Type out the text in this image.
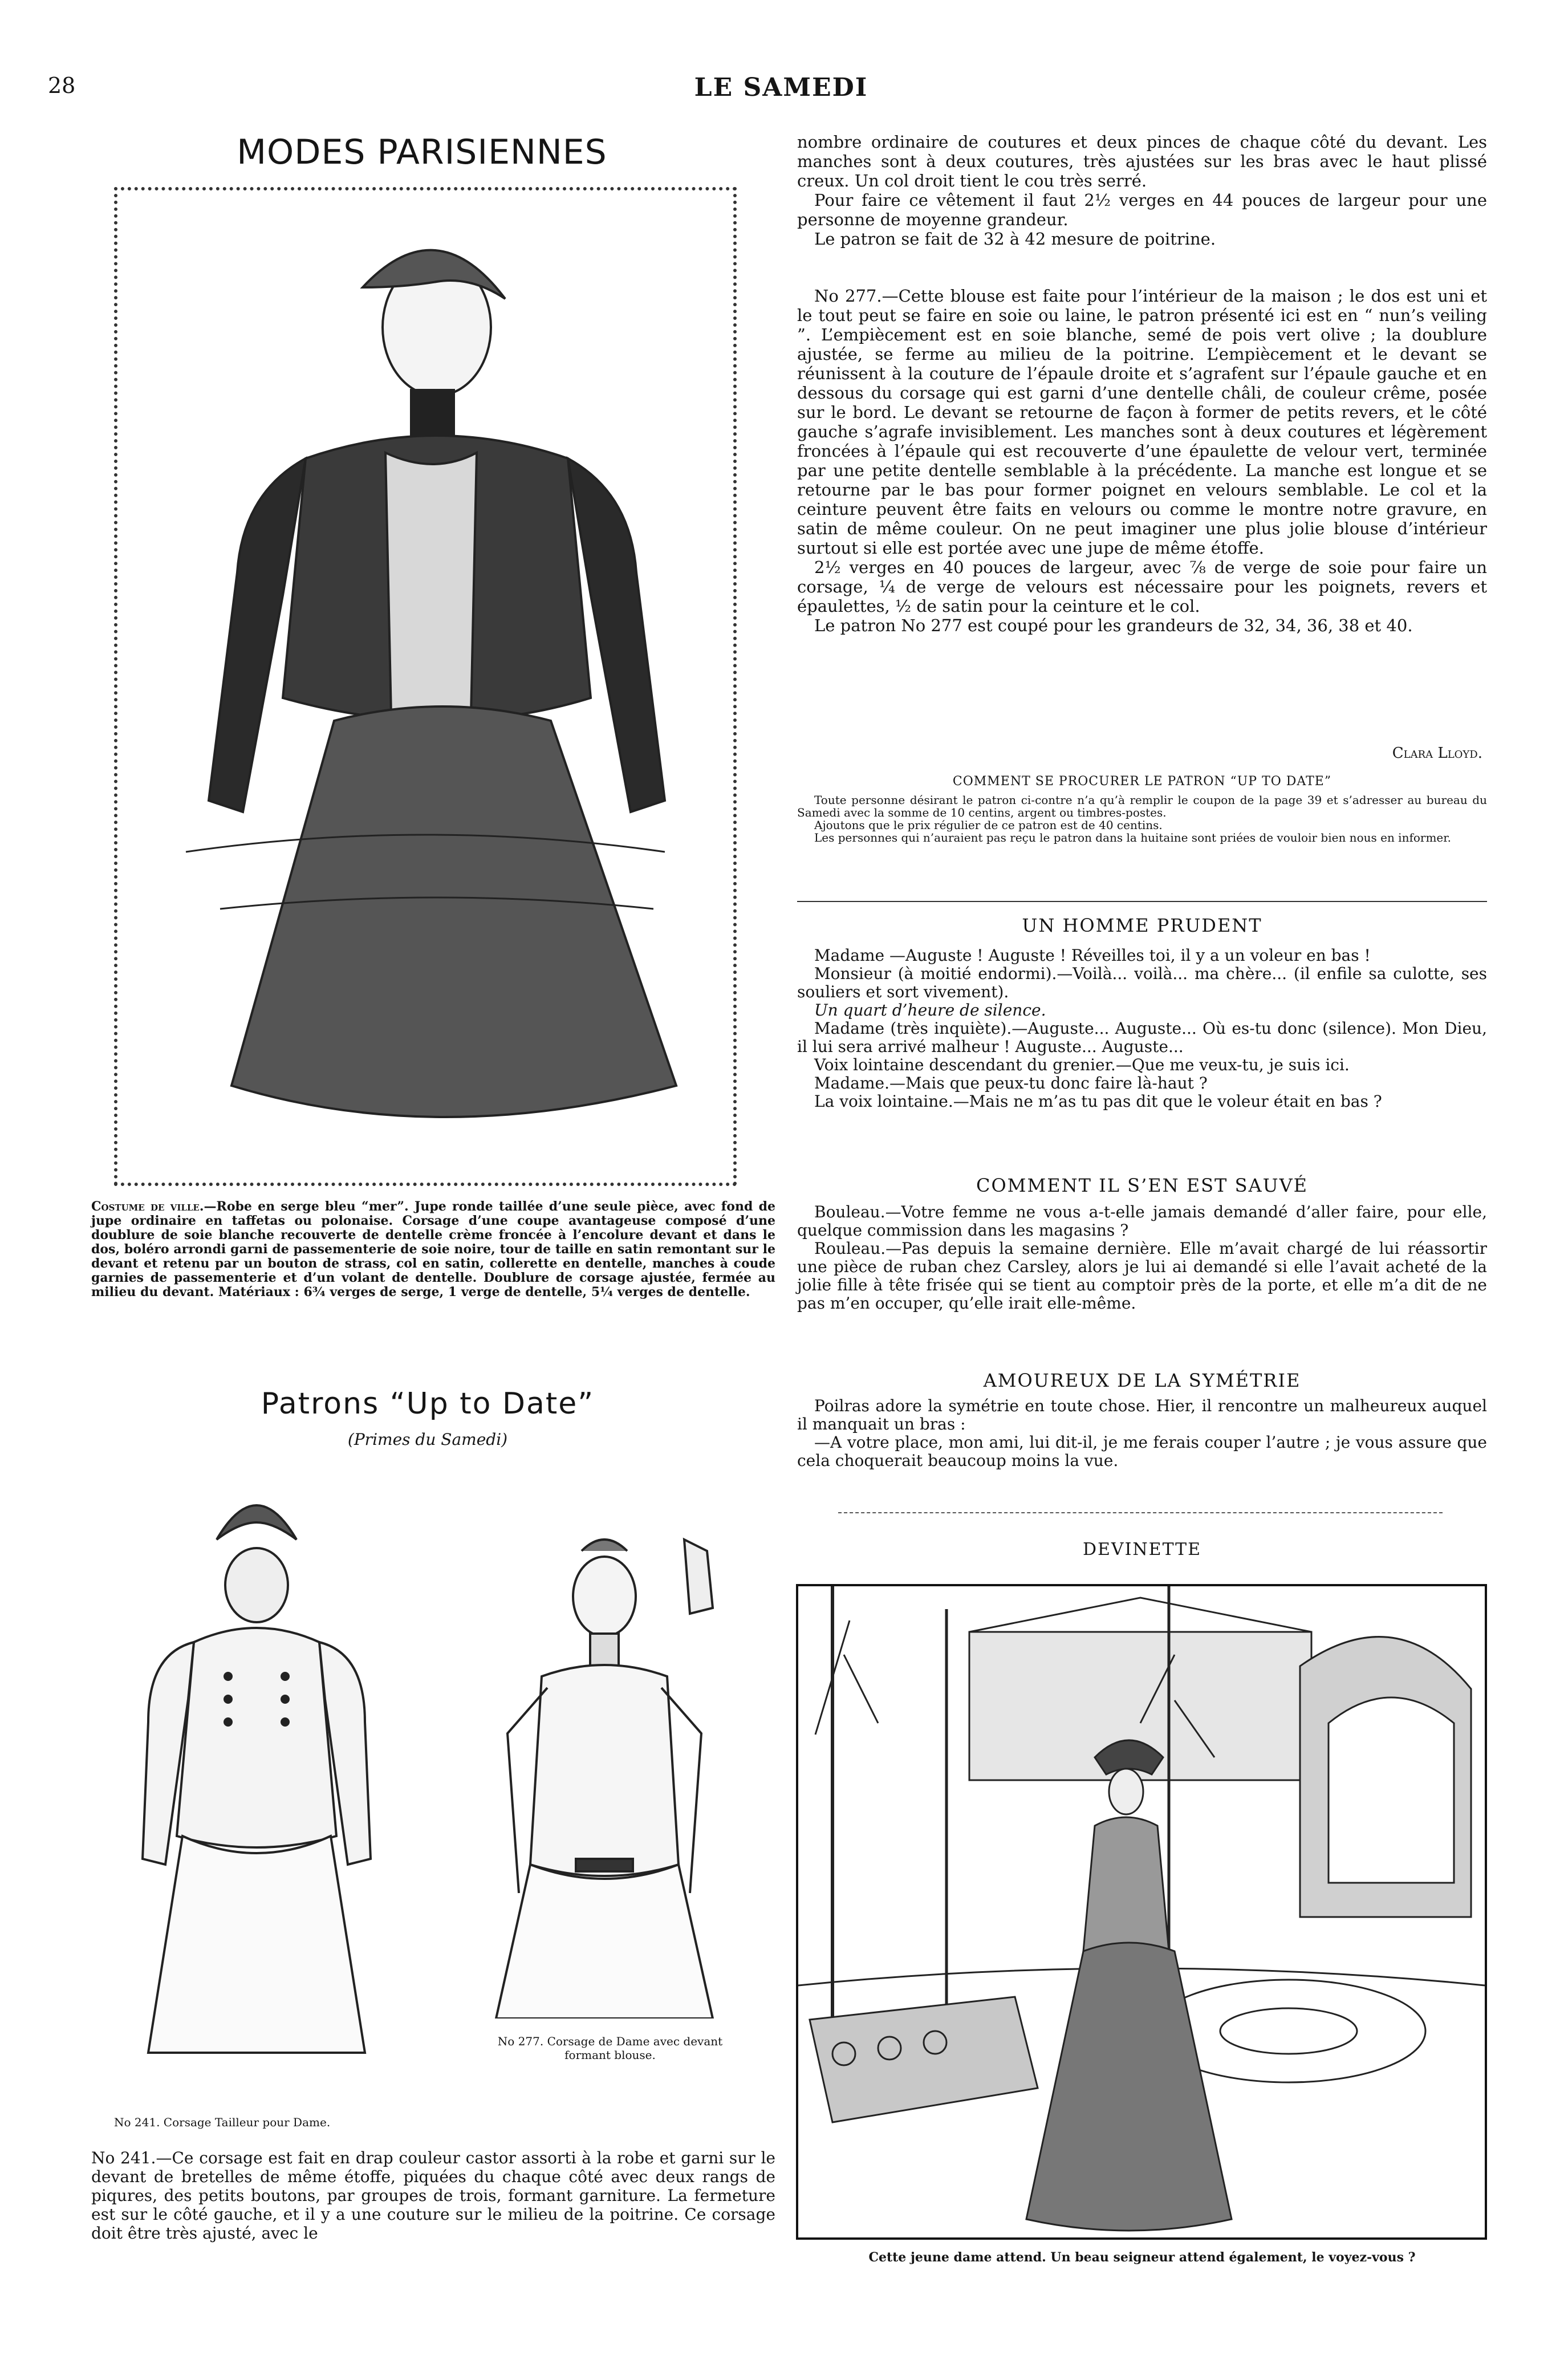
28	LE SAMEDI
MODES PARISIENNES
Costume de ville.—Robe en serge bleu “mer”. Jupe ronde taillée d’une seule pièce, avec fond de jupe ordinaire en taffetas ou polonaise. Corsage d’une coupe avantageuse composé d’une doublure de soie blanche recouverte de dentelle crème froncée à l’encolure devant et dans le dos, boléro arrondi garni de passementerie de soie noire, tour de taille en satin remontant sur le devant et retenu par un bouton de strass, col en satin, collerette en dentelle, manches à coude garnies de passementerie et d’un volant de dentelle. Doublure de corsage ajustée, fermée au milieu du devant. Matériaux : 6¾ verges de serge, 1 verge de dentelle, 5¼ verges de dentelle.
Patrons “Up to Date”
(Primes du Samedi)
No 277. Corsage de Dame avec devant formant blouse.
No 241. Corsage Tailleur pour Dame.
No 241.—Ce corsage est fait en drap couleur castor assorti à la robe et garni sur le devant de bretelles de même étoffe, piquées du chaque côté avec deux rangs de piqures, des petits boutons, par groupes de trois, formant garniture. La fermeture est sur le côté gauche, et il y a une couture sur le milieu de la poitrine. Ce corsage doit être très ajusté, avec le

nombre ordinaire de coutures et deux pinces de chaque côté du devant. Les manches sont à deux coutures, très ajustées sur les bras avec le haut plissé creux. Un col droit tient le cou très serré.

Pour faire ce vêtement il faut 2½ verges en 44 pouces de largeur pour une personne de moyenne grandeur.

Le patron se fait de 32 à 42 mesure de poitrine.

No 277.—Cette blouse est faite pour l’intérieur de la maison ; le dos est uni et le tout peut se faire en soie ou laine, le patron présenté ici est en “ nun’s veiling ”. L’empiècement est en soie blanche, semé de pois vert olive ; la doublure ajustée, se ferme au milieu de la poitrine. L’empiècement et le devant se réunissent à la couture de l’épaule droite et s’agrafent sur l’épaule gauche et en dessous du corsage qui est garni d’une dentelle châli, de couleur crême, posée sur le bord. Le devant se retourne de façon à former de petits revers, et le côté gauche s’agrafe invisiblement. Les manches sont à deux coutures et légèrement froncées à l’épaule qui est recouverte d’une épaulette de velour vert, terminée par une petite dentelle semblable à la précédente. La manche est longue et se retourne par le bas pour former poignet en velours semblable. Le col et la ceinture peuvent être faits en velours ou comme le montre notre gravure, en satin de même couleur. On ne peut imaginer une plus jolie blouse d’intérieur surtout si elle est portée avec une jupe de même étoffe.

2½ verges en 40 pouces de largeur, avec ⅞ de verge de soie pour faire un corsage, ¼ de verge de velours est nécessaire pour les poignets, revers et épaulettes, ½ de satin pour la ceinture et le col.

Le patron No 277 est coupé pour les grandeurs de 32, 34, 36, 38 et 40.

Clara Lloyd.
COMMENT SE PROCURER LE PATRON “UP TO DATE”

Toute personne désirant le patron ci-contre n’a qu’à remplir le coupon de la page 39 et s’adresser au bureau du Samedi avec la somme de 10 centins, argent ou timbres-postes.

Ajoutons que le prix régulier de ce patron est de 40 centins.

Les personnes qui n’auraient pas reçu le patron dans la huitaine sont priées de vouloir bien nous en informer.

UN HOMME PRUDENT

Madame —Auguste ! Auguste ! Réveilles toi, il y a un voleur en bas !

Monsieur (à moitié endormi).—Voilà... voilà... ma chère... (il enfile sa culotte, ses souliers et sort vivement).

Un quart d’heure de silence.

Madame (très inquiète).—Auguste... Auguste... Où es-tu donc (silence). Mon Dieu, il lui sera arrivé malheur ! Auguste... Auguste...

Voix lointaine descendant du grenier.—Que me veux-tu, je suis ici.

Madame.—Mais que peux-tu donc faire là-haut ?

La voix lointaine.—Mais ne m’as tu pas dit que le voleur était en bas ?

COMMENT IL S’EN EST SAUVÉ

Bouleau.—Votre femme ne vous a-t-elle jamais demandé d’aller faire, pour elle, quelque commission dans les magasins ?

Rouleau.—Pas depuis la semaine dernière. Elle m’avait chargé de lui réassortir une pièce de ruban chez Carsley, alors je lui ai demandé si elle l’avait acheté de la jolie fille à tête frisée qui se tient au comptoir près de la porte, et elle m’a dit de ne pas m’en occuper, qu’elle irait elle-même.

AMOUREUX DE LA SYMÉTRIE

Poilras adore la symétrie en toute chose. Hier, il rencontre un malheureux auquel il manquait un bras :

—A votre place, mon ami, lui dit-il, je me ferais couper l’autre ; je vous assure que cela choquerait beaucoup moins la vue.

DEVINETTE
Cette jeune dame attend. Un beau seigneur attend également, le voyez-vous ?
